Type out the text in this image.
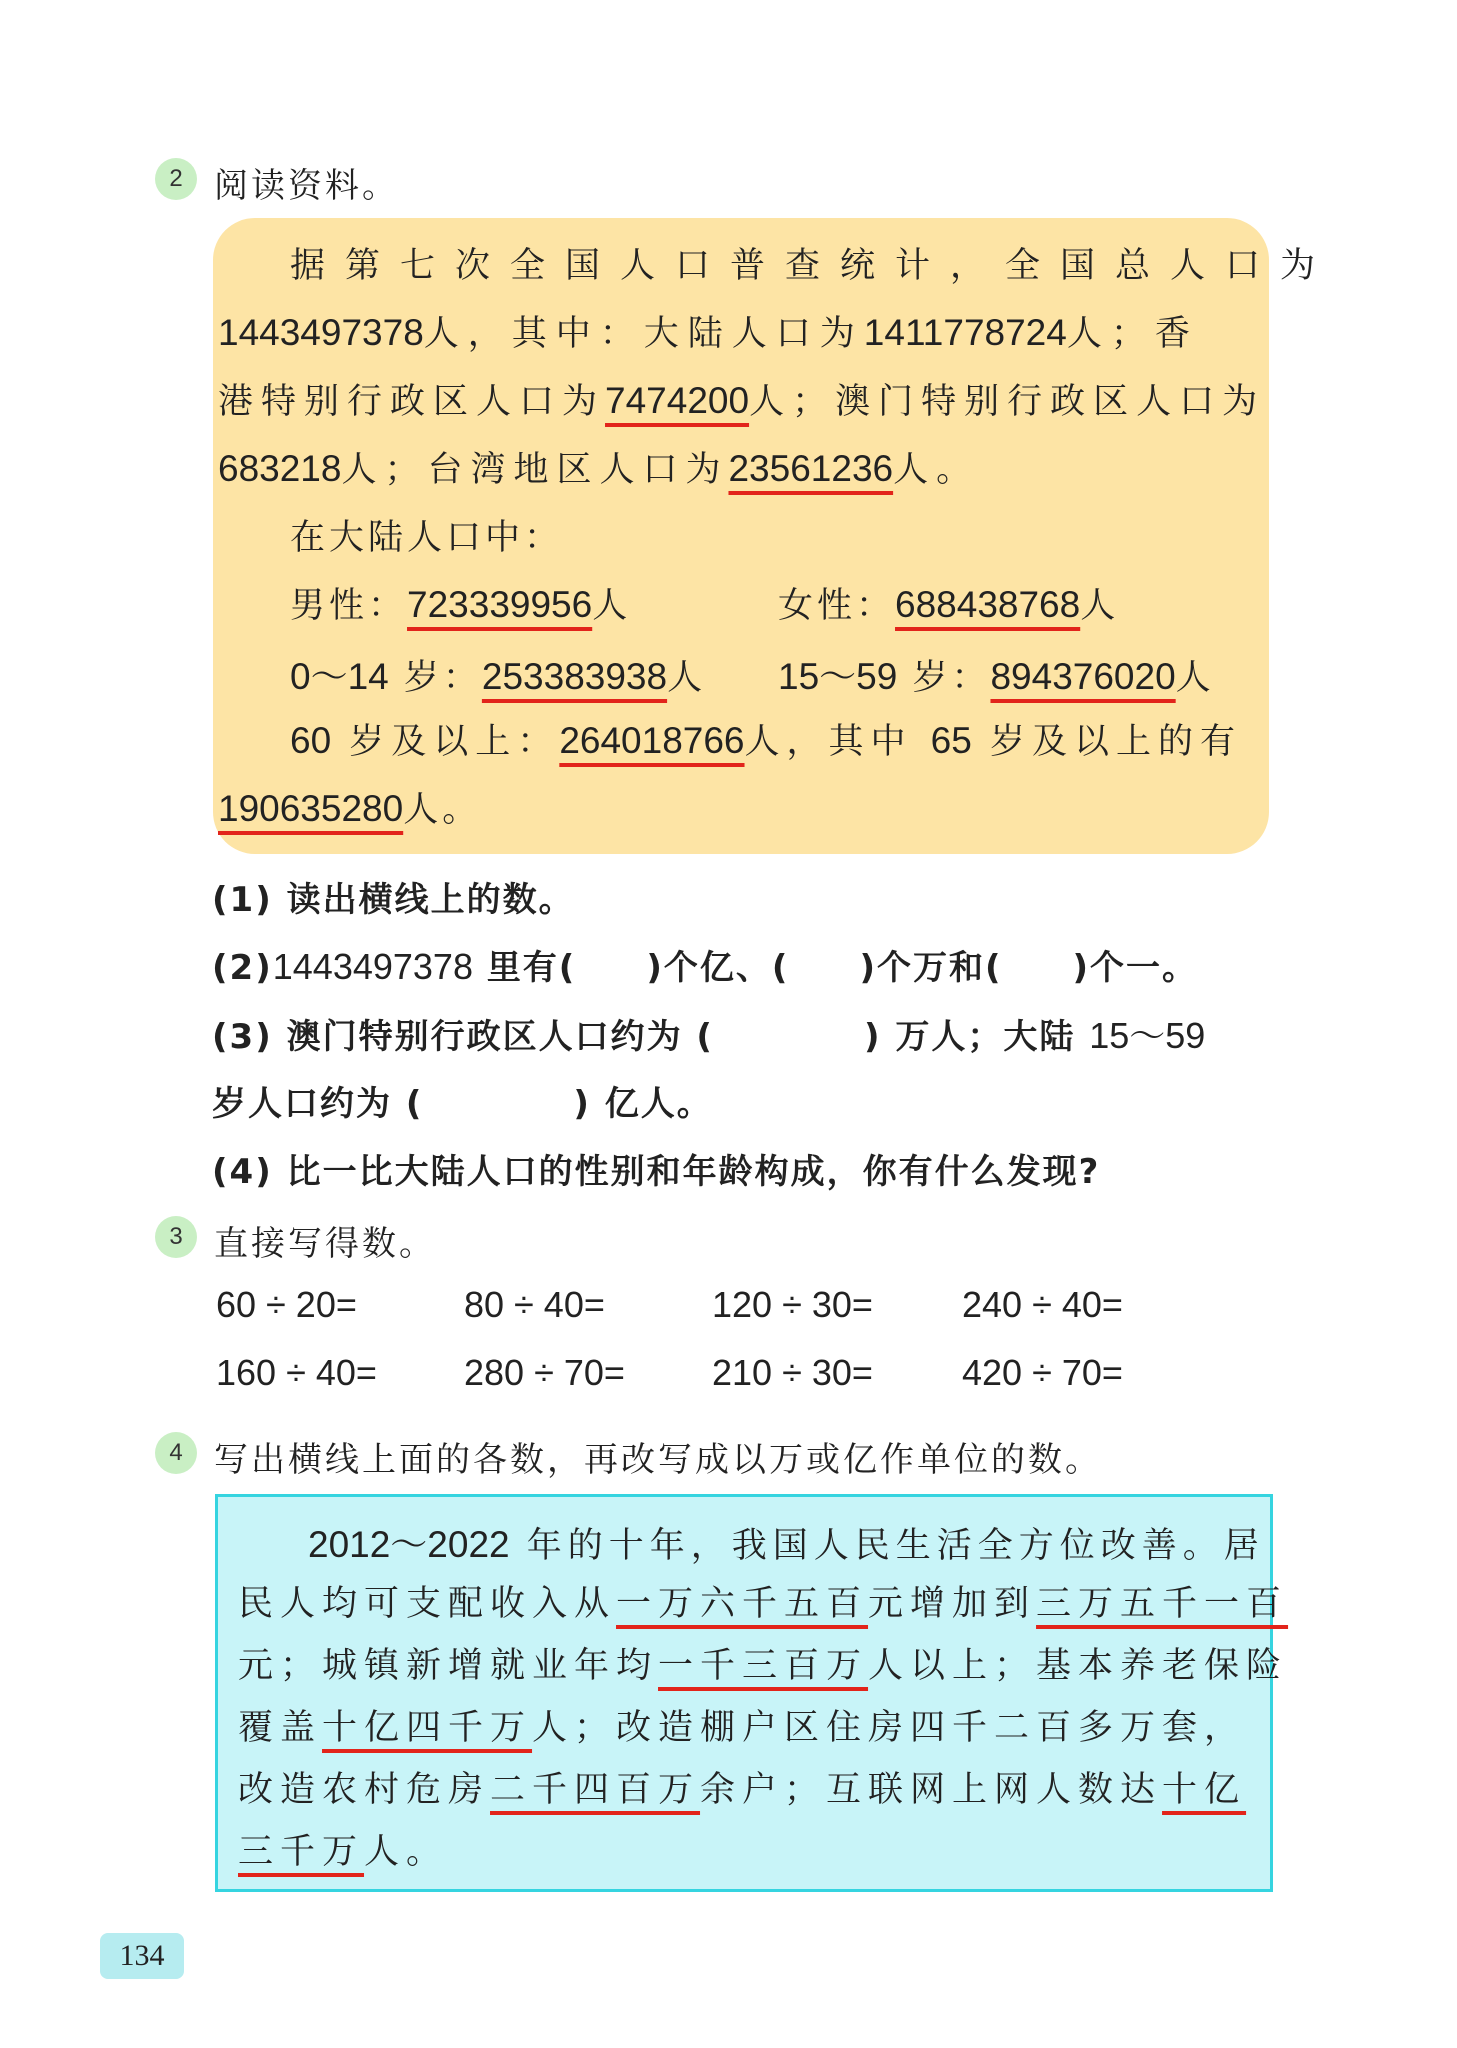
2 阅读资料。
据第七次全国人口普查统计，全国总人口为
1443497378人，其中：大陆人口为1411778724人；香
港特别行政区人口为7474200人；澳门特别行政区人口为
683218人；台湾地区人口为23561236人。
在大陆人口中：
男性：723339956人	女性：688438768人
0～14 岁：253383938人 15～59 岁：894376020人
60 岁及以上：264018766人，其中 65 岁及以上的有
190635280人。
(1) 读出横线上的数。
(2)1443497378 里有( )个亿、( )个万和( )个一。
(3) 澳门特别行政区人口约为 (	) 万人；大陆 15～59
岁人口约为 (	) 亿人。
(4) 比一比大陆人口的性别和年龄构成，你有什么发现?
3 直接写得数。
60 ÷ 20=	80 ÷ 40=	120 ÷ 30= 240 ÷ 40=
160 ÷ 40= 280 ÷ 70= 210 ÷ 30= 420 ÷ 70=
4 写出横线上面的各数，再改写成以万或亿作单位的数。
2012～2022 年的十年，我国人民生活全方位改善。居
民人均可支配收入从一万六千五百元增加到三万五千一百
元；城镇新增就业年均一千三百万人以上；基本养老保险
覆盖十亿四千万人；改造棚户区住房四千二百多万套，
改造农村危房二千四百万余户；互联网上网人数达十亿
三千万人。
134
